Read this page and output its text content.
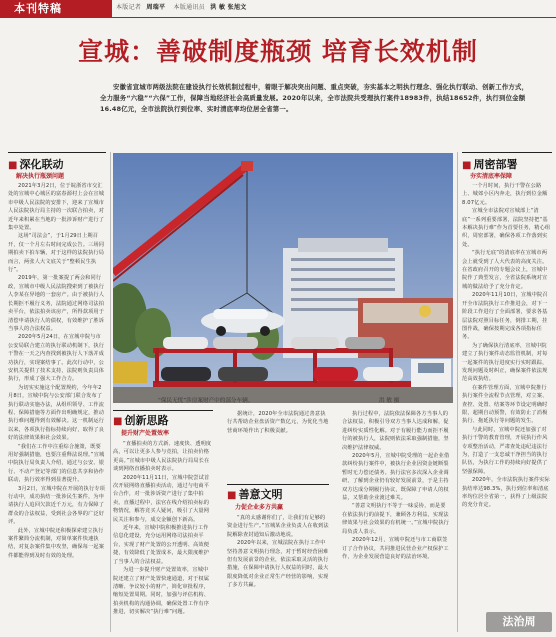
本刊特稿	本版记者 周瑞平 本版通讯员 洪 敏 张旭文
宣城：善破制度瓶颈 培育长效机制
安徽省宣城市两级法院在建设执行长效机制过程中，着眼于解决突出问题、重点突破，夯实基本之明执行理念、强化执行联动、创新工作方式，全力服务“六稳”“六保”工作，保障当地经济社会高质量发展。2020年以来，全市法院共受理执行案件18983件，执结18652件，执行到位金额16.48亿元，全市法院执行到位率、实时清底率均位居全省第一。
■ 深化联动
解决执行瓶颈问题

2021年3月2日，位于皖浙省市交汇处的宣城中心城区的富春源村上会在宣城市中级人民法院的安排下，迎来了宣城市人民法院执行局主持的一次联合拍卖，对近年来积累在当地的一批涉诉财产进行了集中处置。

这场“司法会”，于1月29日上期召开，仅一个月左右时间完成公告。三场同期拍卖下拍车辆，对于这样的法院执行局而言，两张人大文底关于“整顿民生执行”。

2019年，第一批案提了两会和同行政，宣城市中级人民法院搜索到了被执行人李某在异地的一套房产。由于被执行人长期拒不履行义务，法院通过网络司法拍卖平台，依法拍卖该房产，所得款项用于清偿申请执行人的债权，有效维护了胜诉当事人的合法权益。

2020年5月24日，在宣城中院与市公安局联合建立的执行联动机制下，执行干警在一天之内查找到被执行人下落并成功执行，实现案结事了。此次行动中，公安机关提供了技术支持，法院则负责具体执行，形成了强大工作合力。

为切实实施这个配置规约，今年年2月8日，宣城中院与公安部门联合发布了执行联动实施办法，从组织领导、工作流程、保障措施等方面作出明确规定，推动执行难问题得到有效解决。这一机制运行以来，各项执行指标持续向好，取得了良好的法律效果和社会效果。

“我们在工作中注重综合施策，既要用好强制措施，也要注重释法说理。”宣城中院执行局负责人介绍，通过与公安、银行、不动产登记等部门的信息共享和协作联动，执行效率得到显著提升。

3月2日，宣城中院在开展的执行专项行动中，成功执结一批涉民生案件，为申请执行人追回欠款近千万元，有力保障了群众的合法权益，受到社会各界的广泛好评。

此外，宣城中院还积极探索建立执行案件繁简分流机制，对简单案件快速执结，对复杂案件集中攻坚，确保每一起案件都能得到及时有效的处理。

“保民无忧”涉房案财产中的部分车辆。	洪 敏 摄
■ 创新思路
提升财产处置效率

“直播拍卖的方式新、速度快、透明度高，可以让更多人参与竞拍，让拍卖价格更高。”宣城市中级人民法院执行局局长在谈到网络直播拍卖时表示。

2020年11月11日，宣城中院尝试首次开展网络直播拍卖活动，通过与电商平台合作，对一批涉诉资产进行了集中拍卖。直播过程中，法官在线介绍拍卖标的物情况，解答竞买人疑问，吸引了大量网民关注和参与，成交金额创下新高。

近年来，宣城中院积极推进执行工作信息化建设，充分运用网络司法拍卖平台，实现了财产处置的公开透明、高效便捷，有效降低了处置成本，最大限度维护了当事人的合法权益。

为进一步提升财产处置效率，宣城中院还建立了财产处置快速通道，对于权属清晰、争议较小的财产，简化审批程序，缩短处置周期。同时，加强与评估机构、拍卖机构的沟通协调，确保处置工作有序推进，切实解决“执行难”问题。

据统计，2020年全市法院通过善意执行共帮助企业盘活资产数亿元，为优化当地营商环境作出了积极贡献。

■ 善意文明
力促企业多方共赢

“真的太感谢你们了，让我们有足够的资金进行生产。”宣城某企业负责人在收到法院解除查封通知后激动地说。

2020年以来，宣城法院在执行工作中坚持善意文明执行理念，对于暂时经营困难但有发展前景的企业，依法采取灵活的执行措施，在保障申请执行人权益的同时，最大限度降低对企业正常生产经营的影响，实现了多方共赢。

执行过程中，法院依法保障各方当事人的合法权益，积极引导双方当事人达成和解，促进纠纷实质性化解。对于有履行能力而拒不履行的被执行人，法院则依法采取强制措施，坚决维护法律权威。

2020年5月，宣城中院受理的一起企业借款纠纷执行案件中，被执行企业因资金链断裂暂时无力偿还债务。执行法官多次深入企业调研，了解到企业仍有较好发展前景，于是主持双方达成分期履行协议，既保障了申请人的权益，又帮助企业渡过难关。

“善意文明执行不等于一味妥协，而是要在依法执行的前提下，兼顾各方利益，实现法律效果与社会效果的有机统一。”宣城中院执行局负责人表示。

2020年12月，宣城中院还与市工商联签订了合作协议，共同推进民营企业产权保护工作，为企业发展营造良好的法治环境。

■ 周密部署
夯实清底率保障

一个月时间，执行干警在公路上、城郊小区内奔走，执行到位金额8.07亿元。

宣城全市法院对宣城部上“清底”一系列重要部署，法院坚持把“基本解决执行难”作为首要任务，精心组织，周密部署，确保各项工作落到实处。

“执行无底”的清底率在宣城市两会上就受到了人大代表的高度关注。在省政府召开的专题会议上，宣城中院作了典型发言，全省法院系统对宣城的做法给予了充分肯定。

2020年11月10日，宣城中院召开全市法院执行工作推进会，对下一阶段工作进行了全面部署，要求各基层法院对照目标任务，倒排工期，挂图作战，确保按期完成各项指标任务。

为了确保执行清底率，宣城中院建立了执行案件动态监管机制，对每一起案件的执行进度实行实时跟踪，发现问题及时纠正，确保案件依法规范高效执结。

在案件管理方面，宣城中院推行执行案件全流程节点管理，对立案、查控、处置、结案等环节设定明确时限，超期自动预警，有效防止了消极执行、拖延执行等问题的发生。

与此同时，宣城中院还加强了对执行干警的教育管理，开展执行作风专项整治活动，严肃查处违纪违法行为，打造了一支忠诚干净担当的执行队伍，为执行工作的持续向好提供了坚强保障。

2020年，全市法院执行案件实际执结率达98.3%，执行到位率和清底率均位居全省第一，获得了上级法院的充分肯定。

法治周
